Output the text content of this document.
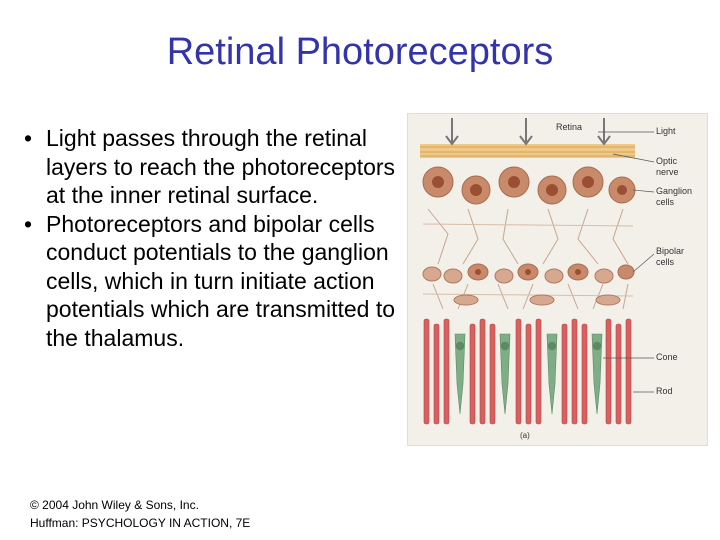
Retinal Photoreceptors
• Light passes through the retinal layers to reach the photoreceptors at the inner retinal surface.
• Photoreceptors and bipolar cells conduct potentials to the ganglion cells, which in turn initiate action potentials which are transmitted to the thalamus.
Retina	Light
Optic nerve
Ganglion cells
Bipolar cells
Cone
Rod
(a)
© 2004 John Wiley & Sons, Inc.
Huffman: PSYCHOLOGY IN ACTION, 7E
